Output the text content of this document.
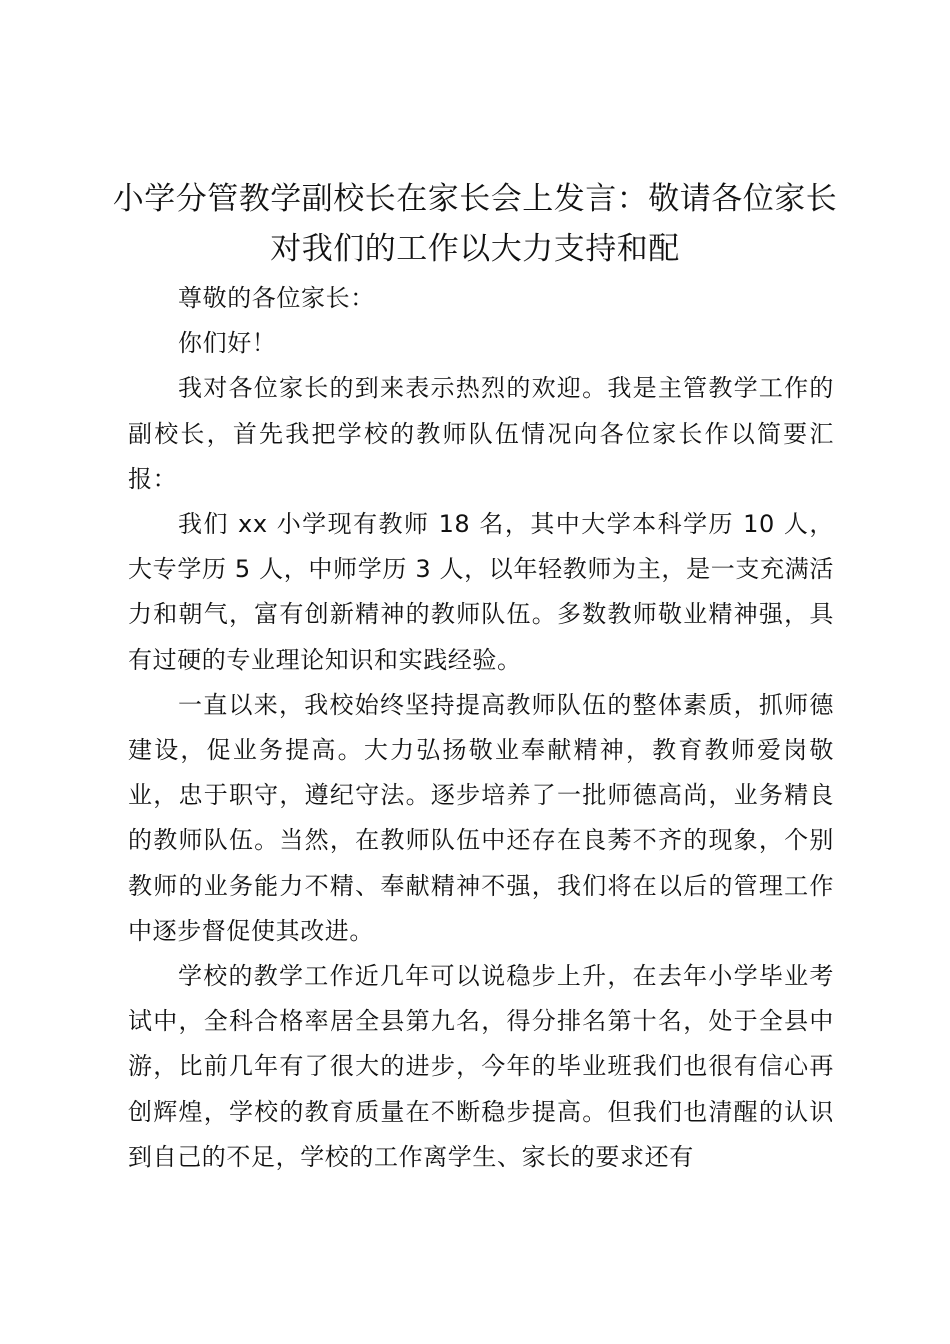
小学分管教学副校长在家长会上发言：敬请各位家长对我们的工作以大力支持和配

尊敬的各位家长：

你们好！

我对各位家长的到来表示热烈的欢迎。我是主管教学工作的副校长，首先我把学校的教师队伍情况向各位家长作以简要汇报：

我们 xx 小学现有教师 18 名，其中大学本科学历 10 人，大专学历 5 人，中师学历 3 人，以年轻教师为主，是一支充满活力和朝气，富有创新精神的教师队伍。多数教师敬业精神强，具有过硬的专业理论知识和实践经验。

一直以来，我校始终坚持提高教师队伍的整体素质，抓师德建设，促业务提高。大力弘扬敬业奉献精神，教育教师爱岗敬业，忠于职守，遵纪守法。逐步培养了一批师德高尚，业务精良的教师队伍。当然，在教师队伍中还存在良莠不齐的现象，个别教师的业务能力不精、奉献精神不强，我们将在以后的管理工作中逐步督促使其改进。

学校的教学工作近几年可以说稳步上升，在去年小学毕业考试中，全科合格率居全县第九名，得分排名第十名，处于全县中游，比前几年有了很大的进步，今年的毕业班我们也很有信心再创辉煌，学校的教育质量在不断稳步提高。但我们也清醒的认识到自己的不足，学校的工作离学生、家长的要求还有
